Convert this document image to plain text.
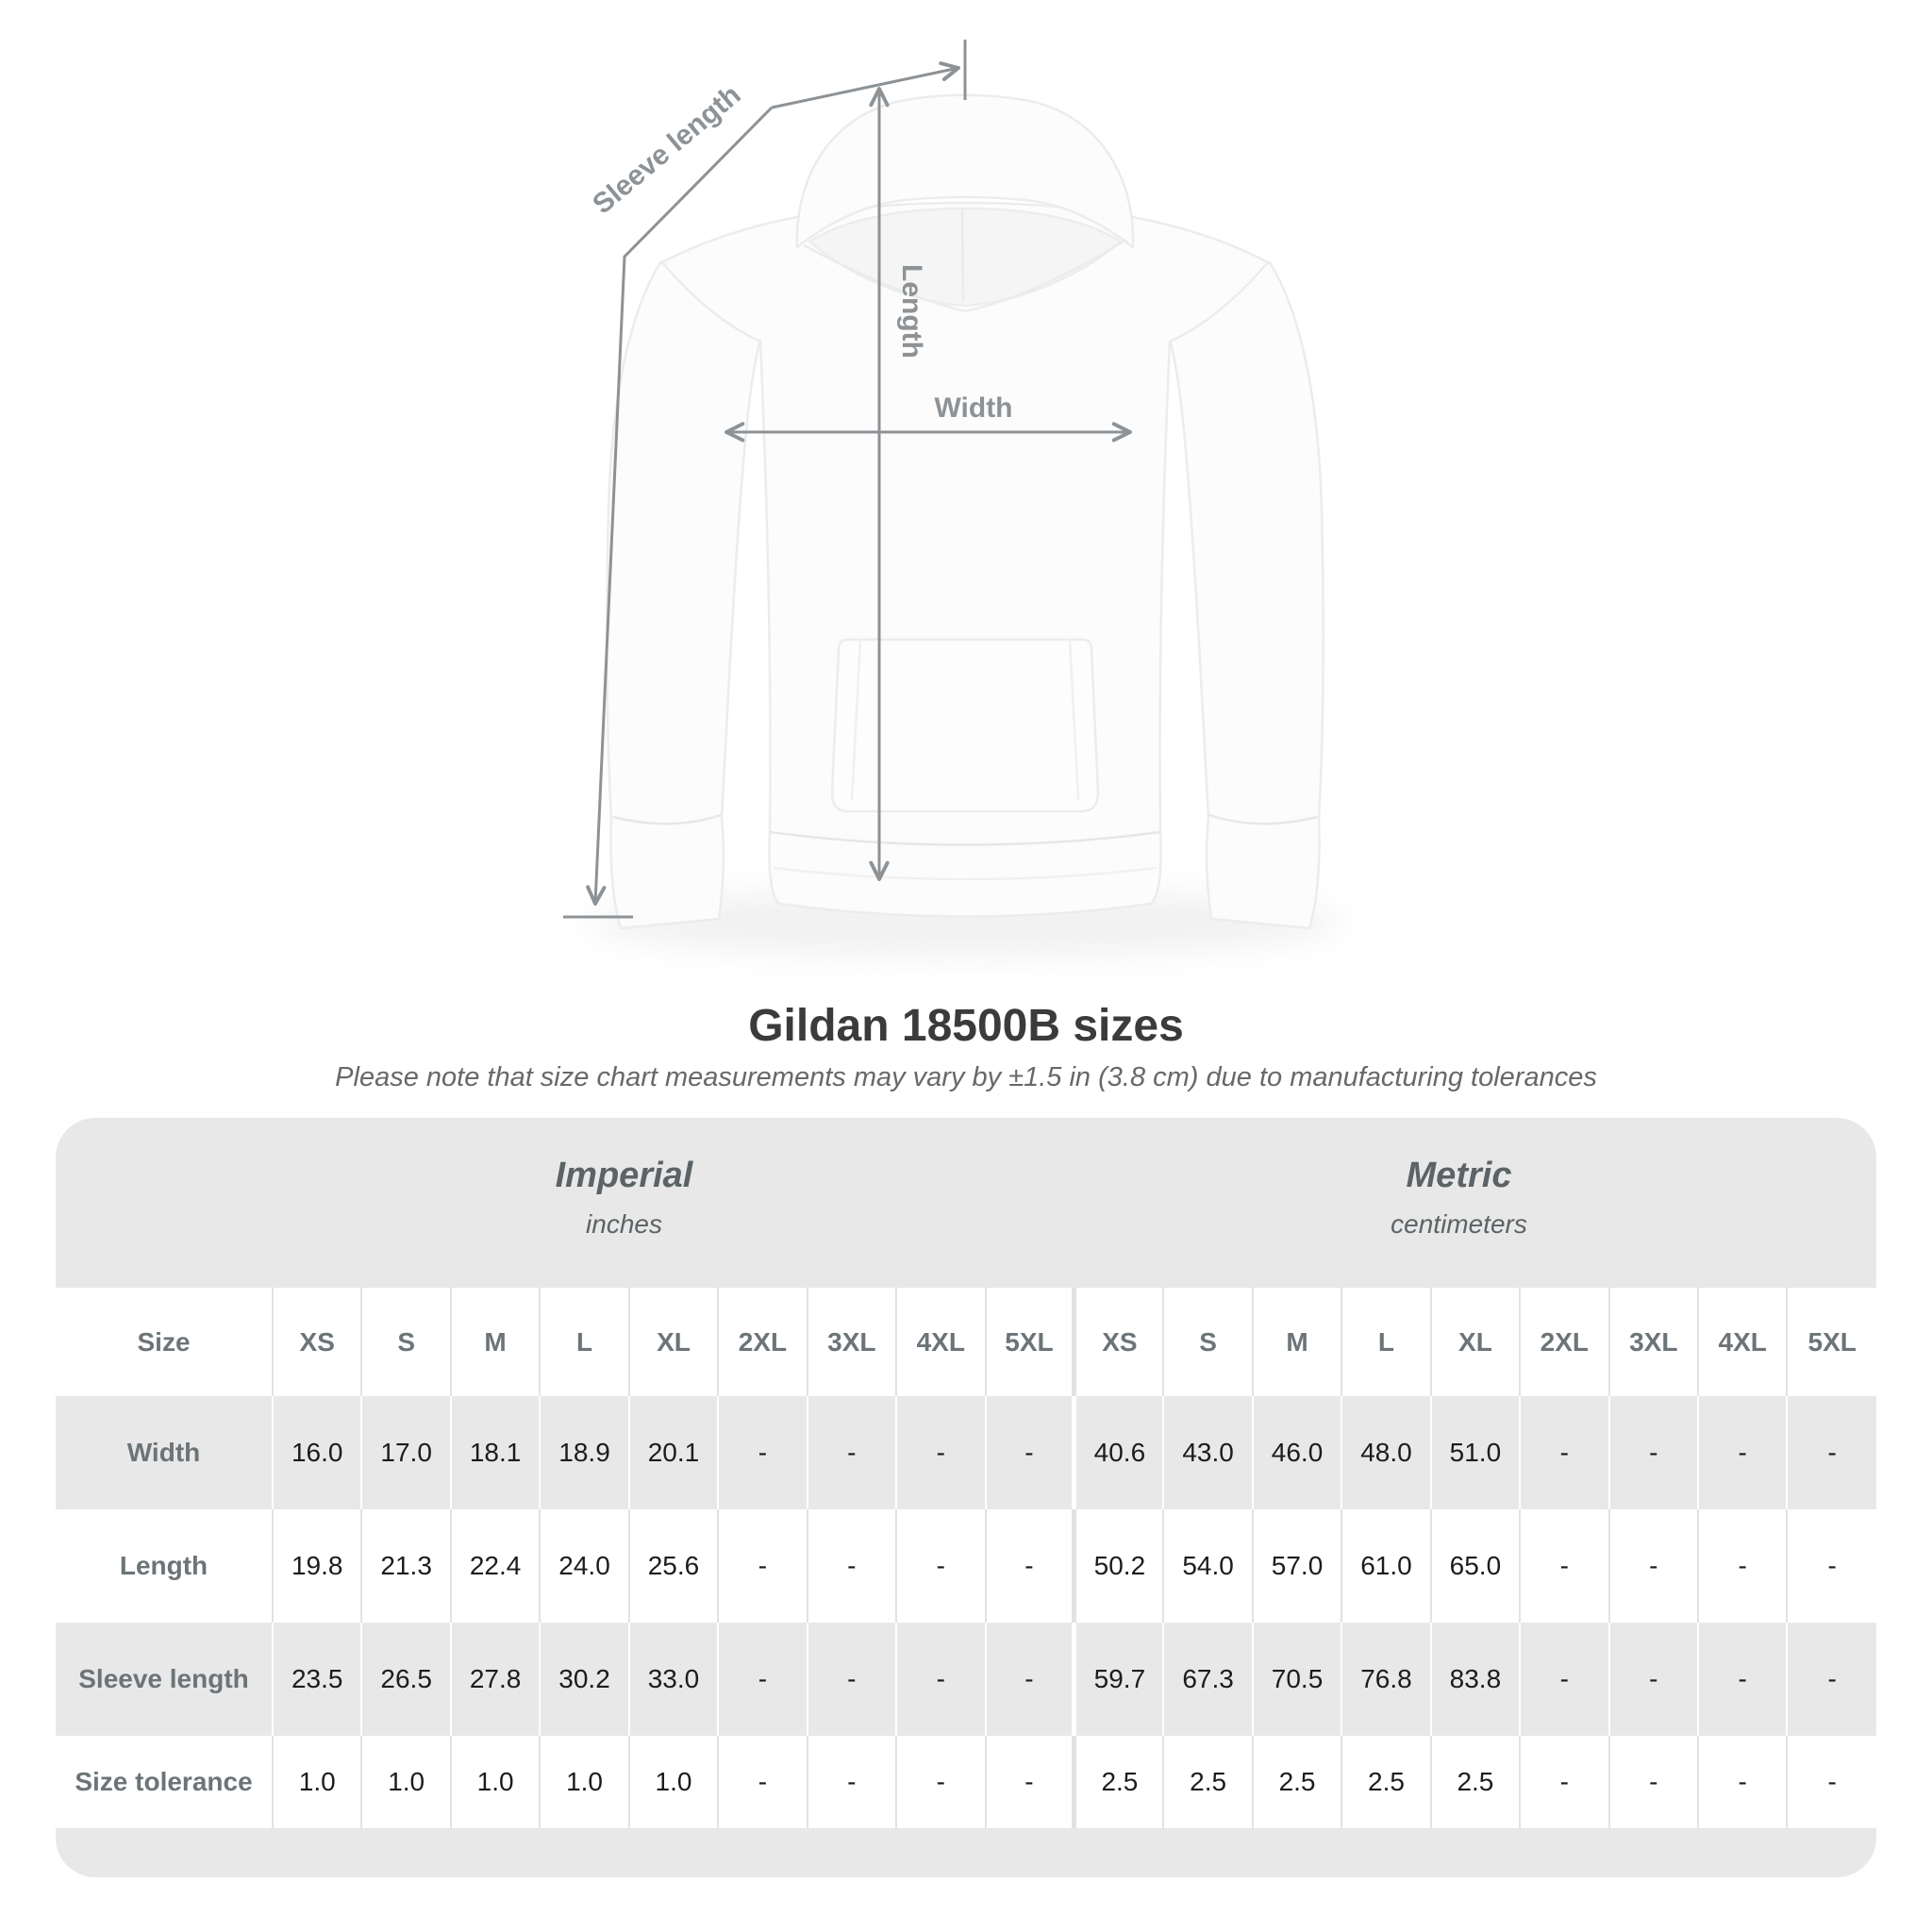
Sleeve length
Length
Width
Gildan 18500B sizes
Please note that size chart measurements may vary by ±1.5 in (3.8 cm) due to manufacturing tolerances
Imperial
inches
Metric
centimeters
Size	XS	S	M	L	XL	2XL	3XL	4XL	5XL	XS	S	M	L	XL	2XL	3XL	4XL	5XL
Width	16.0	17.0	18.1	18.9	20.1	-	-	-	-	40.6	43.0	46.0	48.0	51.0	-	-	-	-
Length	19.8	21.3	22.4	24.0	25.6	-	-	-	-	50.2	54.0	57.0	61.0	65.0	-	-	-	-
Sleeve length	23.5	26.5	27.8	30.2	33.0	-	-	-	-	59.7	67.3	70.5	76.8	83.8	-	-	-	-
Size tolerance	1.0	1.0	1.0	1.0	1.0	-	-	-	-	2.5	2.5	2.5	2.5	2.5	-	-	-	-
